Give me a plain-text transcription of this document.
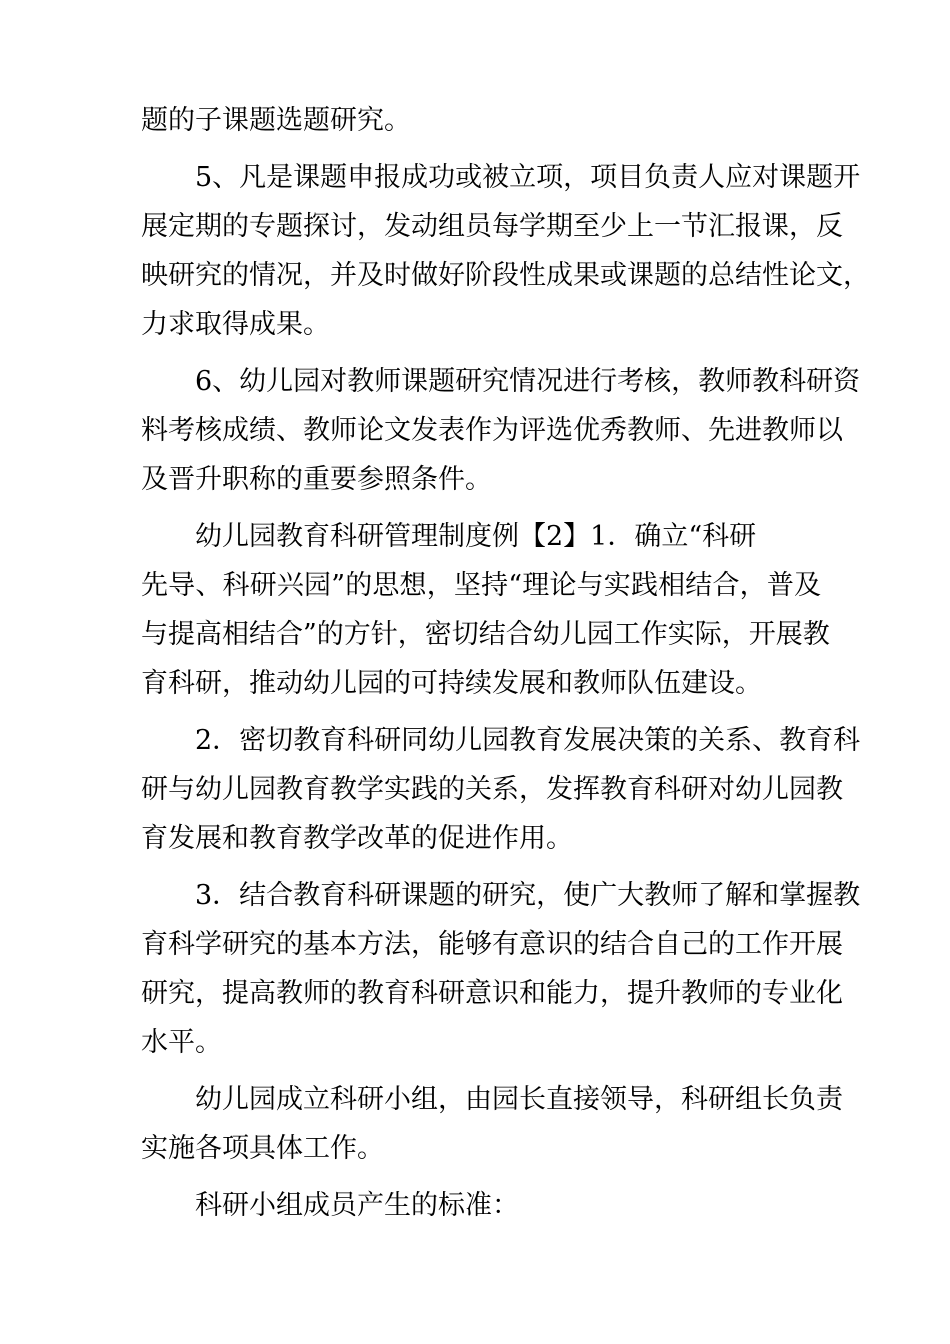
题的子课题选题研究。

5、凡是课题申报成功或被立项，项目负责人应对课题开
展定期的专题探讨，发动组员每学期至少上一节汇报课，反
映研究的情况，并及时做好阶段性成果或课题的总结性论文，
力求取得成果。

6、幼儿园对教师课题研究情况进行考核，教师教科研资
料考核成绩、教师论文发表作为评选优秀教师、先进教师以
及晋升职称的重要参照条件。

幼儿园教育科研管理制度例【2】1．确立“科研
先导、科研兴园”的思想，坚持“理论与实践相结合，普及
与提高相结合”的方针，密切结合幼儿园工作实际，开展教
育科研，推动幼儿园的可持续发展和教师队伍建设。

2．密切教育科研同幼儿园教育发展决策的关系、教育科
研与幼儿园教育教学实践的关系，发挥教育科研对幼儿园教
育发展和教育教学改革的促进作用。

3．结合教育科研课题的研究，使广大教师了解和掌握教
育科学研究的基本方法，能够有意识的结合自己的工作开展
研究，提高教师的教育科研意识和能力，提升教师的专业化
水平。

幼儿园成立科研小组，由园长直接领导，科研组长负责
实施各项具体工作。

科研小组成员产生的标准：
